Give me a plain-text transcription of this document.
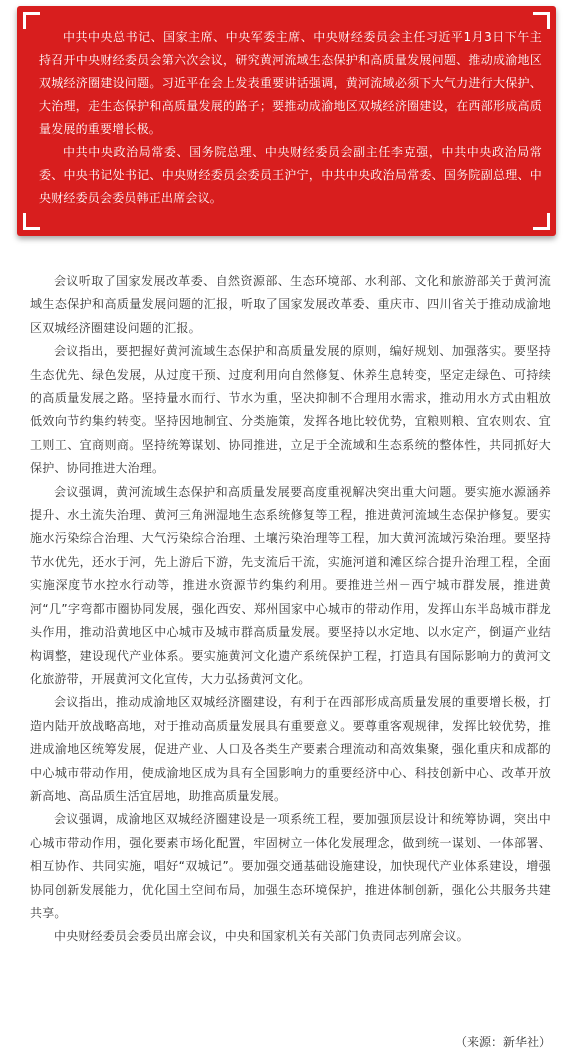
中共中央总书记、国家主席、中央军委主席、中央财经委员会主任习近平1月3日下午主持召开中央财经委员会第六次会议，研究黄河流域生态保护和高质量发展问题、推动成渝地区双城经济圈建设问题。习近平在会上发表重要讲话强调，黄河流域必须下大气力进行大保护、大治理，走生态保护和高质量发展的路子；要推动成渝地区双城经济圈建设，在西部形成高质量发展的重要增长极。

中共中央政治局常委、国务院总理、中央财经委员会副主任李克强，中共中央政治局常委、中央书记处书记、中央财经委员会委员王沪宁，中共中央政治局常委、国务院副总理、中央财经委员会委员韩正出席会议。

会议听取了国家发展改革委、自然资源部、生态环境部、水利部、文化和旅游部关于黄河流域生态保护和高质量发展问题的汇报，听取了国家发展改革委、重庆市、四川省关于推动成渝地区双城经济圈建设问题的汇报。

会议指出，要把握好黄河流域生态保护和高质量发展的原则，编好规划、加强落实。要坚持生态优先、绿色发展，从过度干预、过度利用向自然修复、休养生息转变，坚定走绿色、可持续的高质量发展之路。坚持量水而行、节水为重，坚决抑制不合理用水需求，推动用水方式由粗放低效向节约集约转变。坚持因地制宜、分类施策，发挥各地比较优势，宜粮则粮、宜农则农、宜工则工、宜商则商。坚持统筹谋划、协同推进，立足于全流域和生态系统的整体性，共同抓好大保护、协同推进大治理。

会议强调，黄河流域生态保护和高质量发展要高度重视解决突出重大问题。要实施水源涵养提升、水土流失治理、黄河三角洲湿地生态系统修复等工程，推进黄河流域生态保护修复。要实施水污染综合治理、大气污染综合治理、土壤污染治理等工程，加大黄河流域污染治理。要坚持节水优先，还水于河，先上游后下游，先支流后干流，实施河道和滩区综合提升治理工程，全面实施深度节水控水行动等，推进水资源节约集约利用。要推进兰州－西宁城市群发展，推进黄河“几”字弯都市圈协同发展，强化西安、郑州国家中心城市的带动作用，发挥山东半岛城市群龙头作用，推动沿黄地区中心城市及城市群高质量发展。要坚持以水定地、以水定产，倒逼产业结构调整，建设现代产业体系。要实施黄河文化遗产系统保护工程，打造具有国际影响力的黄河文化旅游带，开展黄河文化宣传，大力弘扬黄河文化。

会议指出，推动成渝地区双城经济圈建设，有利于在西部形成高质量发展的重要增长极，打造内陆开放战略高地，对于推动高质量发展具有重要意义。要尊重客观规律，发挥比较优势，推进成渝地区统筹发展，促进产业、人口及各类生产要素合理流动和高效集聚，强化重庆和成都的中心城市带动作用，使成渝地区成为具有全国影响力的重要经济中心、科技创新中心、改革开放新高地、高品质生活宜居地，助推高质量发展。

会议强调，成渝地区双城经济圈建设是一项系统工程，要加强顶层设计和统筹协调，突出中心城市带动作用，强化要素市场化配置，牢固树立一体化发展理念，做到统一谋划、一体部署、相互协作、共同实施，唱好“双城记”。要加强交通基础设施建设，加快现代产业体系建设，增强协同创新发展能力，优化国土空间布局，加强生态环境保护，推进体制创新，强化公共服务共建共享。

中央财经委员会委员出席会议，中央和国家机关有关部门负责同志列席会议。

（来源：新华社）
